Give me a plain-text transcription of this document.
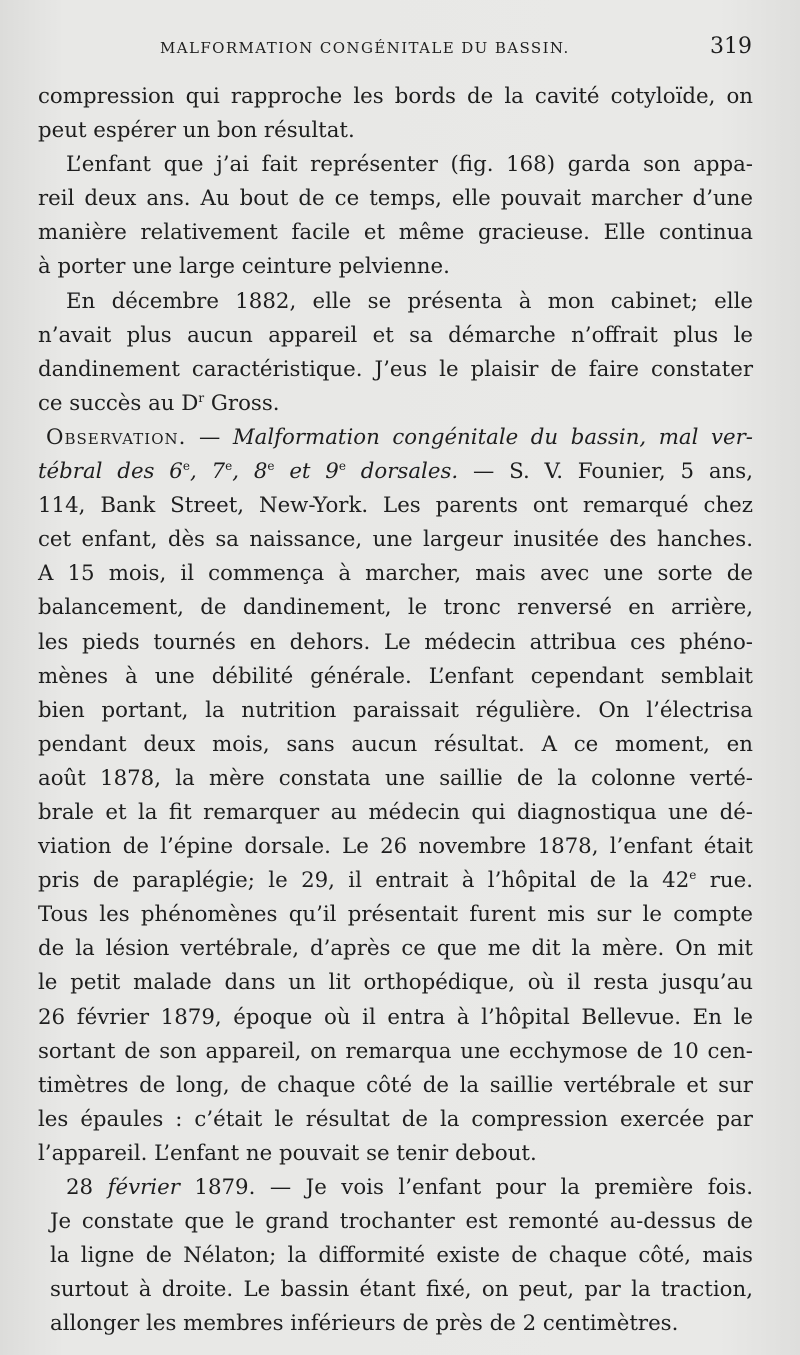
MALFORMATION CONGÉNITALE DU BASSIN.	319
compression qui rapproche les bords de la cavité cotyloïde, on
peut espérer un bon résultat.
L’enfant que j’ai fait représenter (fig. 168) garda son appa-
reil deux ans. Au bout de ce temps, elle pouvait marcher d’une
manière relativement facile et même gracieuse. Elle continua
à porter une large ceinture pelvienne.
En décembre 1882, elle se présenta à mon cabinet; elle
n’avait plus aucun appareil et sa démarche n’offrait plus le
dandinement caractéristique. J’eus le plaisir de faire constater
ce succès au $D^r$ Gross.
Observation. — Malformation congénitale du bassin, mal ver-
tébral des 6e, 7e, 8e et 9e dorsales. — S. V. Founier, 5 ans,
114, Bank Street, New-York. Les parents ont remarqué chez
cet enfant, dès sa naissance, une largeur inusitée des hanches.
A 15 mois, il commença à marcher, mais avec une sorte de
balancement, de dandinement, le tronc renversé en arrière,
les pieds tournés en dehors. Le médecin attribua ces phéno-
mènes à une débilité générale. L’enfant cependant semblait
bien portant, la nutrition paraissait régulière. On l’électrisa
pendant deux mois, sans aucun résultat. A ce moment, en
août 1878, la mère constata une saillie de la colonne verté-
brale et la fit remarquer au médecin qui diagnostiqua une dé-
viation de l’épine dorsale. Le 26 novembre 1878, l’enfant était
pris de paraplégie; le 29, il entrait à l’hôpital de la 42e rue.
Tous les phénomènes qu’il présentait furent mis sur le compte
de la lésion vertébrale, d’après ce que me dit la mère. On mit
le petit malade dans un lit orthopédique, où il resta jusqu’au
26 février 1879, époque où il entra à l’hôpital Bellevue. En le
sortant de son appareil, on remarqua une ecchymose de 10 cen-
timètres de long, de chaque côté de la saillie vertébrale et sur
les épaules : c’était le résultat de la compression exercée par
l’appareil. L’enfant ne pouvait se tenir debout.
28 février 1879. — Je vois l’enfant pour la première fois.
Je constate que le grand trochanter est remonté au-dessus de
la ligne de Nélaton; la difformité existe de chaque côté, mais
surtout à droite. Le bassin étant fixé, on peut, par la traction,
allonger les membres inférieurs de près de 2 centimètres.
